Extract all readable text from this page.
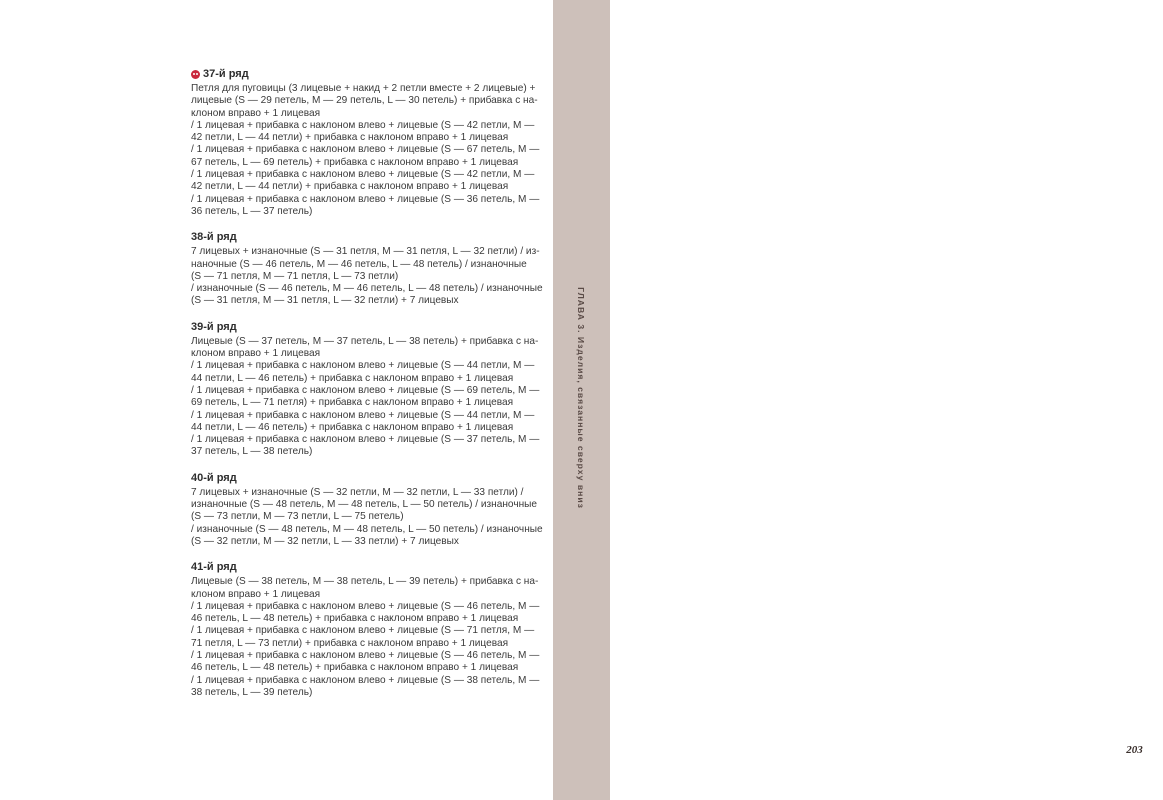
37-й ряд
Петля для пуговицы (3 лицевые + накид + 2 петли вместе + 2 лицевые) +
лицевые (S — 29 петель, M — 29 петель, L — 30 петель) + прибавка с на-
клоном вправо + 1 лицевая
/ 1 лицевая + прибавка с наклоном влево + лицевые (S — 42 петли, M —
42 петли, L — 44 петли) + прибавка с наклоном вправо + 1 лицевая
/ 1 лицевая + прибавка с наклоном влево + лицевые (S — 67 петель, M —
67 петель, L — 69 петель) + прибавка с наклоном вправо + 1 лицевая
/ 1 лицевая + прибавка с наклоном влево + лицевые (S — 42 петли, M —
42 петли, L — 44 петли) + прибавка с наклоном вправо + 1 лицевая
/ 1 лицевая + прибавка с наклоном влево + лицевые (S — 36 петель, M —
36 петель, L — 37 петель)
38-й ряд
7 лицевых + изнаночные (S — 31 петля, M — 31 петля, L — 32 петли) / из-
наночные (S — 46 петель, M — 46 петель, L — 48 петель) / изнаночные
(S — 71 петля, M — 71 петля, L — 73 петли)
/ изнаночные (S — 46 петель, M — 46 петель, L — 48 петель) / изнаночные
(S — 31 петля, M — 31 петля, L — 32 петли) + 7 лицевых
39-й ряд
Лицевые (S — 37 петель, M — 37 петель, L — 38 петель) + прибавка с на-
клоном вправо + 1 лицевая
/ 1 лицевая + прибавка с наклоном влево + лицевые (S — 44 петли, M —
44 петли, L — 46 петель) + прибавка с наклоном вправо + 1 лицевая
/ 1 лицевая + прибавка с наклоном влево + лицевые (S — 69 петель, M —
69 петель, L — 71 петля) + прибавка с наклоном вправо + 1 лицевая
/ 1 лицевая + прибавка с наклоном влево + лицевые (S — 44 петли, M —
44 петли, L — 46 петель) + прибавка с наклоном вправо + 1 лицевая
/ 1 лицевая + прибавка с наклоном влево + лицевые (S — 37 петель, M —
37 петель, L — 38 петель)
40-й ряд
7 лицевых + изнаночные (S — 32 петли, M — 32 петли, L — 33 петли) /
изнаночные (S — 48 петель, M — 48 петель, L — 50 петель) / изнаночные
(S — 73 петли, M — 73 петли, L — 75 петель)
/ изнаночные (S — 48 петель, M — 48 петель, L — 50 петель) / изнаночные
(S — 32 петли, M — 32 петли, L — 33 петли) + 7 лицевых
41-й ряд
Лицевые (S — 38 петель, M — 38 петель, L — 39 петель) + прибавка с на-
клоном вправо + 1 лицевая
/ 1 лицевая + прибавка с наклоном влево + лицевые (S — 46 петель, M —
46 петель, L — 48 петель) + прибавка с наклоном вправо + 1 лицевая
/ 1 лицевая + прибавка с наклоном влево + лицевые (S — 71 петля, M —
71 петля, L — 73 петли) + прибавка с наклоном вправо + 1 лицевая
/ 1 лицевая + прибавка с наклоном влево + лицевые (S — 46 петель, M —
46 петель, L — 48 петель) + прибавка с наклоном вправо + 1 лицевая
/ 1 лицевая + прибавка с наклоном влево + лицевые (S — 38 петель, M —
38 петель, L — 39 петель)
ГЛАВА 3. Изделия, связанные сверху вниз
203
